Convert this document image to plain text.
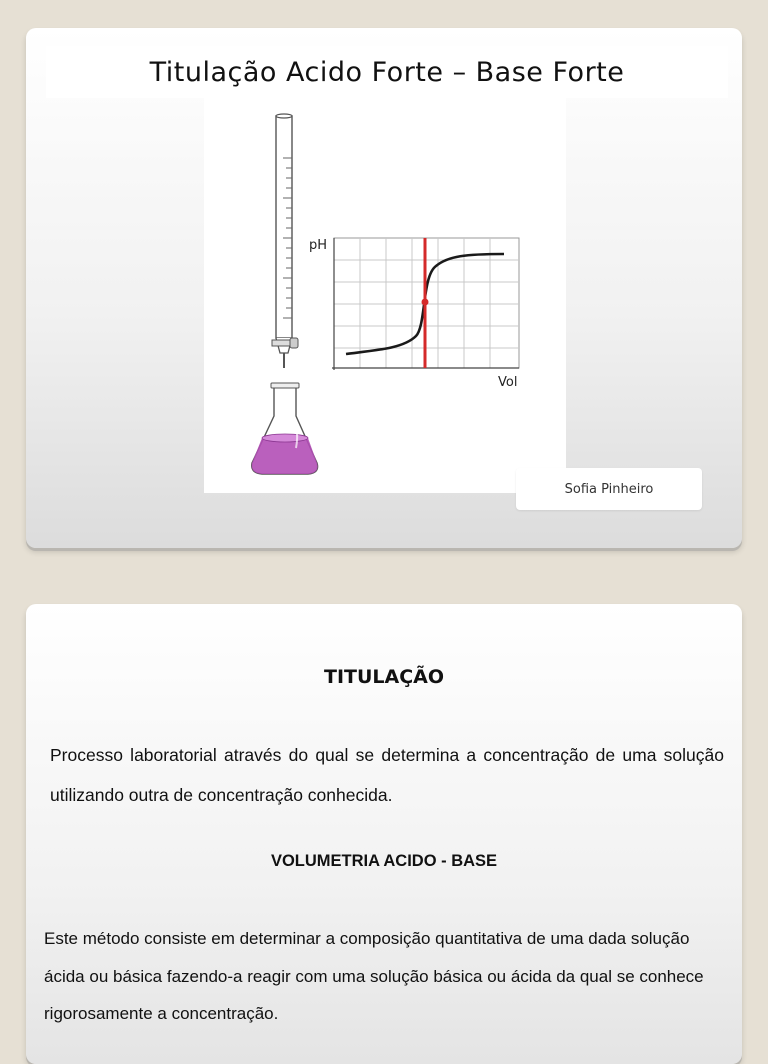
Titulação Acido Forte – Base Forte
pH
Vol
Sofia Pinheiro
TITULAÇÃO

Processo laboratorial através do qual se determina a concentração de uma solução utilizando outra de concentração conhecida.

VOLUMETRIA ACIDO - BASE

Este método consiste em determinar a composição quantitativa de uma dada solução ácida ou básica fazendo-a reagir com uma solução básica ou ácida da qual se conhece rigorosamente a concentração.
